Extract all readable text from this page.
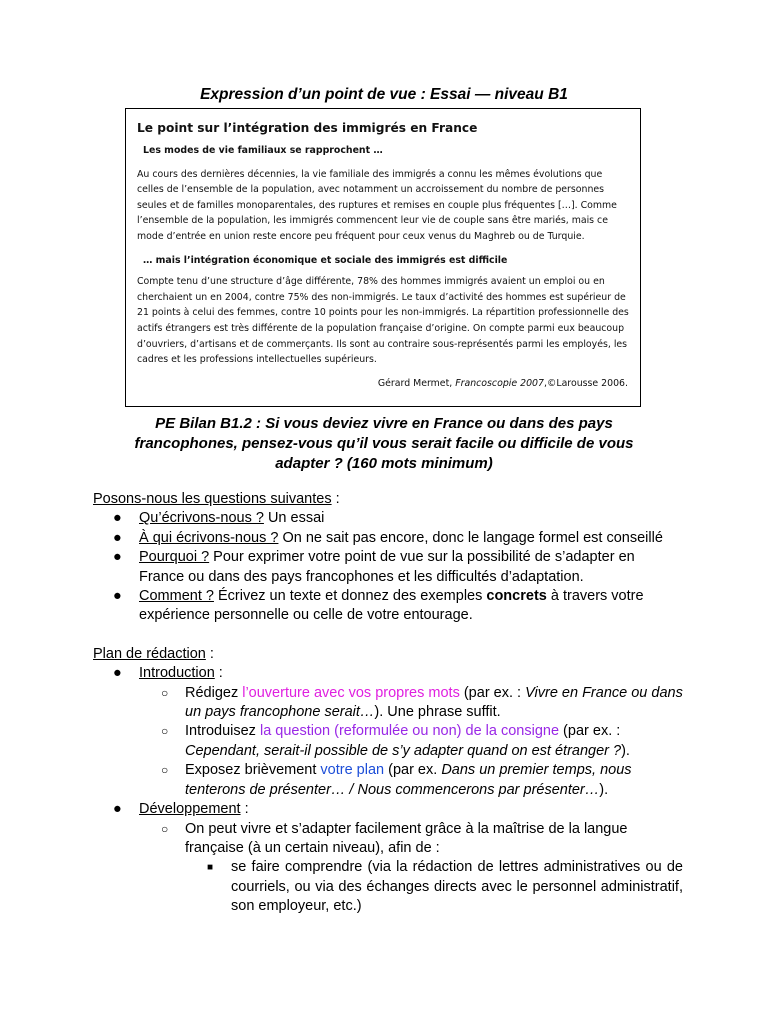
Expression d’un point de vue : Essai — niveau B1
Le point sur l’intégration des immigrés en France
Les modes de vie familiaux se rapprochent …

Au cours des dernières décennies, la vie familiale des immigrés a connu les mêmes évolutions que celles de l’ensemble de la population, avec notamment un accroissement du nombre de personnes seules et de familles monoparentales, des ruptures et remises en couple plus fréquentes […]. Comme l’ensemble de la population, les immigrés commencent leur vie de couple sans être mariés, mais ce mode d’entrée en union reste encore peu fréquent pour ceux venus du Maghreb ou de Turquie.

… mais l’intégration économique et sociale des immigrés est difficile

Compte tenu d’une structure d’âge différente, 78% des hommes immigrés avaient un emploi ou en cherchaient un en 2004, contre 75% des non-immigrés. Le taux d’activité des hommes est supérieur de 21 points à celui des femmes, contre 10 points pour les non-immigrés. La répartition professionnelle des actifs étrangers est très différente de la population française d’origine. On compte parmi eux beaucoup d’ouvriers, d’artisans et de commerçants. Ils sont au contraire sous-représentés parmi les employés, les cadres et les professions intellectuelles supérieurs.

Gérard Mermet, Francoscopie 2007,©Larousse 2006.
PE Bilan B1.2 : Si vous deviez vivre en France ou dans des pays francophones, pensez-vous qu’il vous serait facile ou difficile de vous adapter ? (160 mots minimum)

Posons-nous les questions suivantes :

● Qu’écrivons-nous ? Un essai
● À qui écrivons-nous ? On ne sait pas encore, donc le langage formel est conseillé
● Pourquoi ? Pour exprimer votre point de vue sur la possibilité de s’adapter en France ou dans des pays francophones et les difficultés d’adaptation.
● Comment ? Écrivez un texte et donnez des exemples concrets à travers votre expérience personnelle ou celle de votre entourage.

Plan de rédaction :

● Introduction :
○ Rédigez l’ouverture avec vos propres mots (par ex. : Vivre en France ou dans un pays francophone serait…). Une phrase suffit.
○ Introduisez la question (reformulée ou non) de la consigne (par ex. : Cependant, serait-il possible de s’y adapter quand on est étranger ?).
○ Exposez brièvement votre plan (par ex. Dans un premier temps, nous tenterons de présenter… / Nous commencerons par présenter…).
● Développement :
○ On peut vivre et s’adapter facilement grâce à la maîtrise de la langue française (à un certain niveau), afin de :
■ se faire comprendre (via la rédaction de lettres administratives ou de courriels, ou via des échanges directs avec le personnel administratif, son employeur, etc.)
